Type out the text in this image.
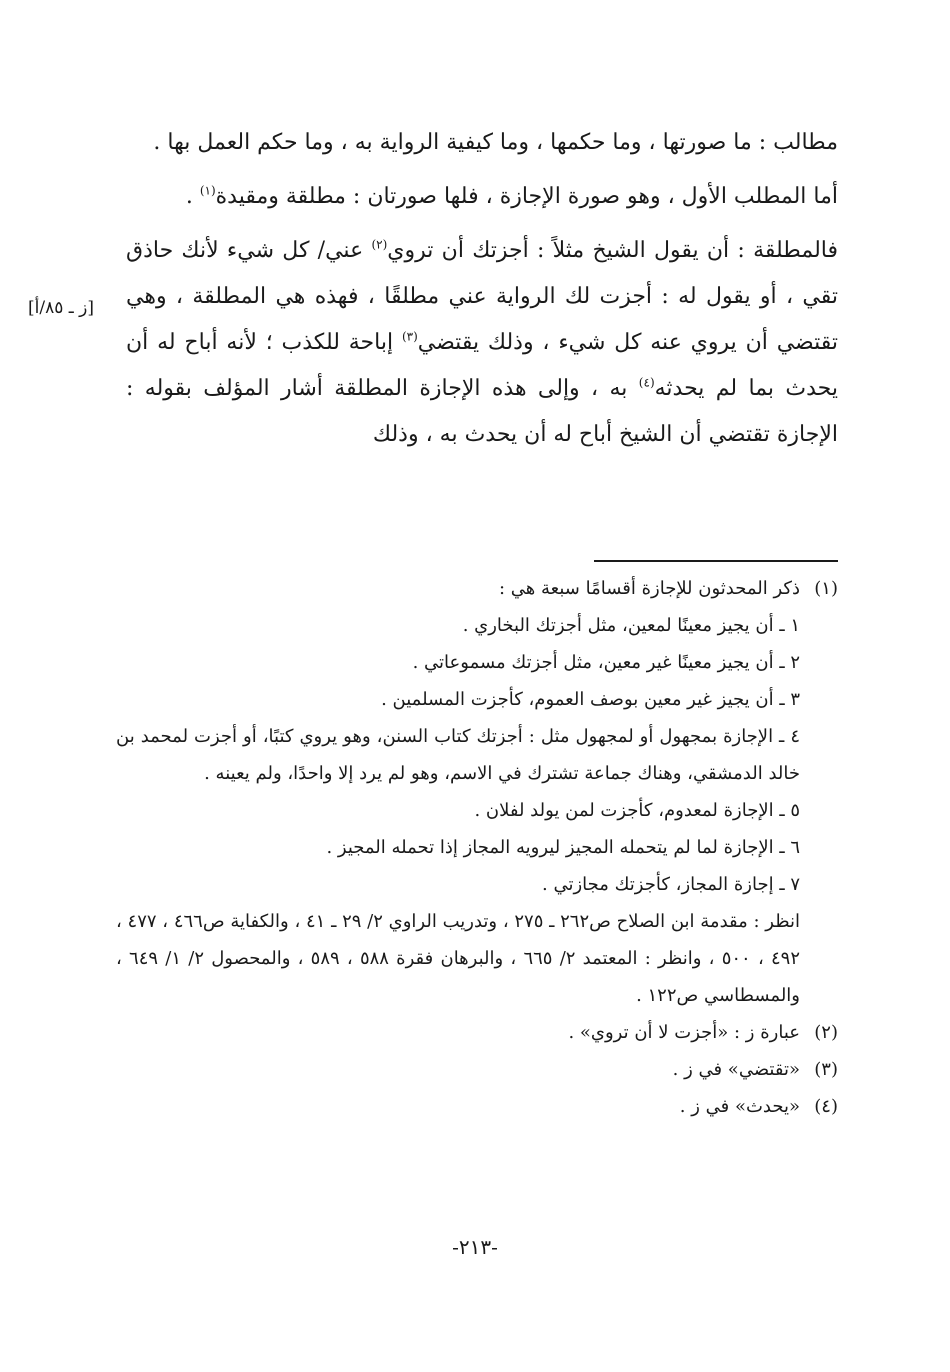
مطالب : ما صورتها ، وما حكمها ، وما كيفية الرواية به ، وما حكم العمل بها .

أما المطلب الأول ، وهو صورة الإجازة ، فلها صورتان : مطلقة ومقيدة$^{(١)}$ .

فالمطلقة : أن يقول الشيخ مثلاً : أجزتك أن تروي$^{(٢)}$ عني/ كل شيء لأنك حاذق تقي ، أو يقول له : أجزت لك الرواية عني مطلقًا ، فهذه هي المطلقة ، وهي تقتضي أن يروي عنه كل شيء ، وذلك يقتضي$^{(٣)}$ إباحة للكذب ؛ لأنه أباح له أن يحدث بما لم يحدثه$^{(٤)}$ به ، وإلى هذه الإجازة المطلقة أشار المؤلف بقوله : الإجازة تقتضي أن الشيخ أباح له أن يحدث به ، وذلك

[ز ـ ٨٥/أ]
(١)
ذكر المحدثون للإجازة أقسامًا سبعة هي :

١ ـ أن يجيز معينًا لمعين، مثل أجزتك البخاري .

٢ ـ أن يجيز معينًا غير معين، مثل أجزتك مسموعاتي .

٣ ـ أن يجيز غير معين بوصف العموم، كأجزت المسلمين .

٤ ـ الإجازة بمجهول أو لمجهول مثل : أجزتك كتاب السنن، وهو يروي كتبًا، أو أجزت لمحمد بن خالد الدمشقي، وهناك جماعة تشترك في الاسم، وهو لم يرد إلا واحدًا، ولم يعينه .

٥ ـ الإجازة لمعدوم، كأجزت لمن يولد لفلان .

٦ ـ الإجازة لما لم يتحمله المجيز ليرويه المجاز إذا تحمله المجيز .

٧ ـ إجازة المجاز، كأجزتك مجازتي .

انظر : مقدمة ابن الصلاح ص٢٦٢ ـ ٢٧٥ ، وتدريب الراوي ٢/ ٢٩ ـ ٤١ ، والكفاية ص٤٦٦ ، ٤٧٧ ، ٤٩٢ ، ٥٠٠ ، وانظر : المعتمد ٢/ ٦٦٥ ، والبرهان فقرة ٥٨٨ ، ٥٨٩ ، والمحصول ٢/ ١/ ٦٤٩ ، والمسطاسي ص١٢٢ .

(٢)
عبارة ز : «أجزت لا أن تروي» .
(٣)
«تقتضي» في ز .
(٤)
«يحدث» في ز .
-٢١٣-
